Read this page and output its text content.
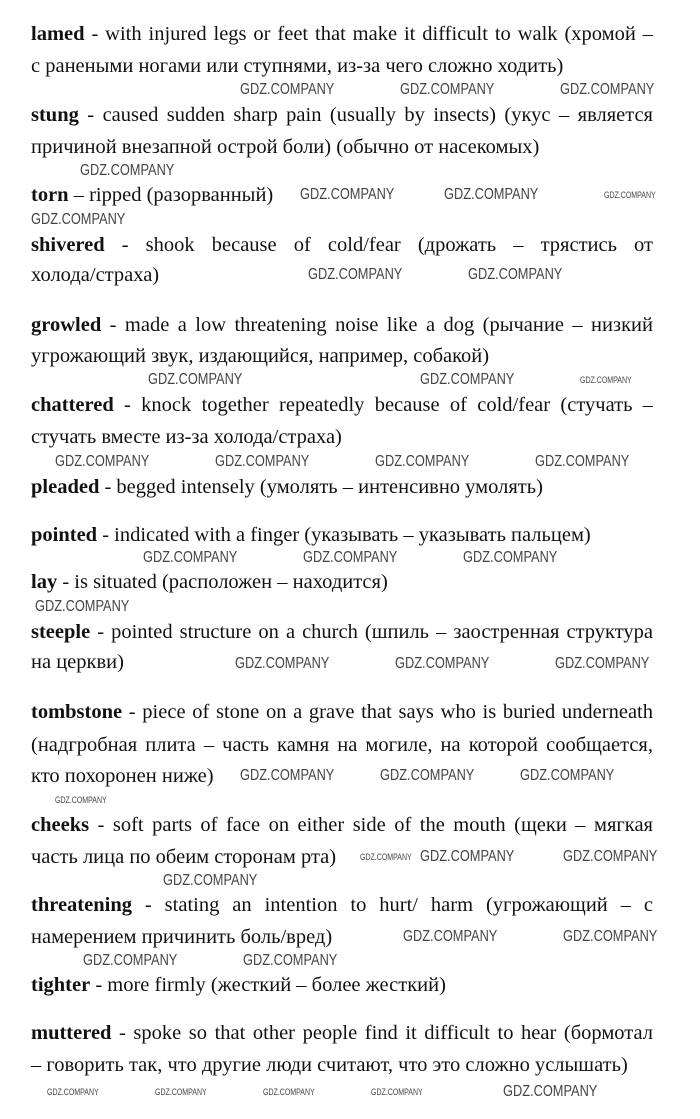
lamed - with injured legs or feet that make it difficult to walk (хромой –
с ранеными ногами или ступнями, из-за чего сложно ходить)
stung - caused sudden sharp pain (usually by insects) (укус – является
причиной внезапной острой боли) (обычно от насекомых)
torn – ripped (разорванный)
shivered - shook because of cold/fear (дрожать – трястись от
холода/страха)
growled - made a low threatening noise like a dog (рычание – низкий
угрожающий звук, издающийся, например, собакой)
chattered - knock together repeatedly because of cold/fear (стучать –
стучать вместе из-за холода/страха)
pleaded - begged intensely (умолять – интенсивно умолять)
pointed - indicated with a finger (указывать – указывать пальцем)
lay - is situated (расположен – находится)
steeple - pointed structure on a church (шпиль – заостренная структура
на церкви)
tombstone - piece of stone on a grave that says who is buried underneath
(надгробная плита – часть камня на могиле, на которой сообщается,
кто похоронен ниже)
cheeks - soft parts of face on either side of the mouth (щеки – мягкая
часть лица по обеим сторонам рта)
threatening - stating an intention to hurt/ harm (угрожающий – с
намерением причинить боль/вред)
tighter - more firmly (жесткий – более жесткий)
muttered - spoke so that other people find it difficult to hear (бормотал
– говорить так, что другие люди считают, что это сложно услышать)
GDZ.COMPANY	GDZ.COMPANY	GDZ.COMPANY
GDZ.COMPANY
GDZ.COMPANY	GDZ.COMPANY	GDZ.COMPANY
GDZ.COMPANY
GDZ.COMPANY	GDZ.COMPANY
GDZ.COMPANY	GDZ.COMPANY	GDZ.COMPANY
GDZ.COMPANY	GDZ.COMPANY	GDZ.COMPANY	GDZ.COMPANY
GDZ.COMPANY	GDZ.COMPANY	GDZ.COMPANY
GDZ.COMPANY
GDZ.COMPANY	GDZ.COMPANY	GDZ.COMPANY
GDZ.COMPANY
GDZ.COMPANY	GDZ.COMPANY	GDZ.COMPANY
GDZ.COMPANY GDZ.COMPANY	GDZ.COMPANY
GDZ.COMPANY
GDZ.COMPANY	GDZ.COMPANY
GDZ.COMPANY	GDZ.COMPANY
GDZ.COMPANY	GDZ.COMPANY	GDZ.COMPANY	GDZ.COMPANY	GDZ.COMPANY
